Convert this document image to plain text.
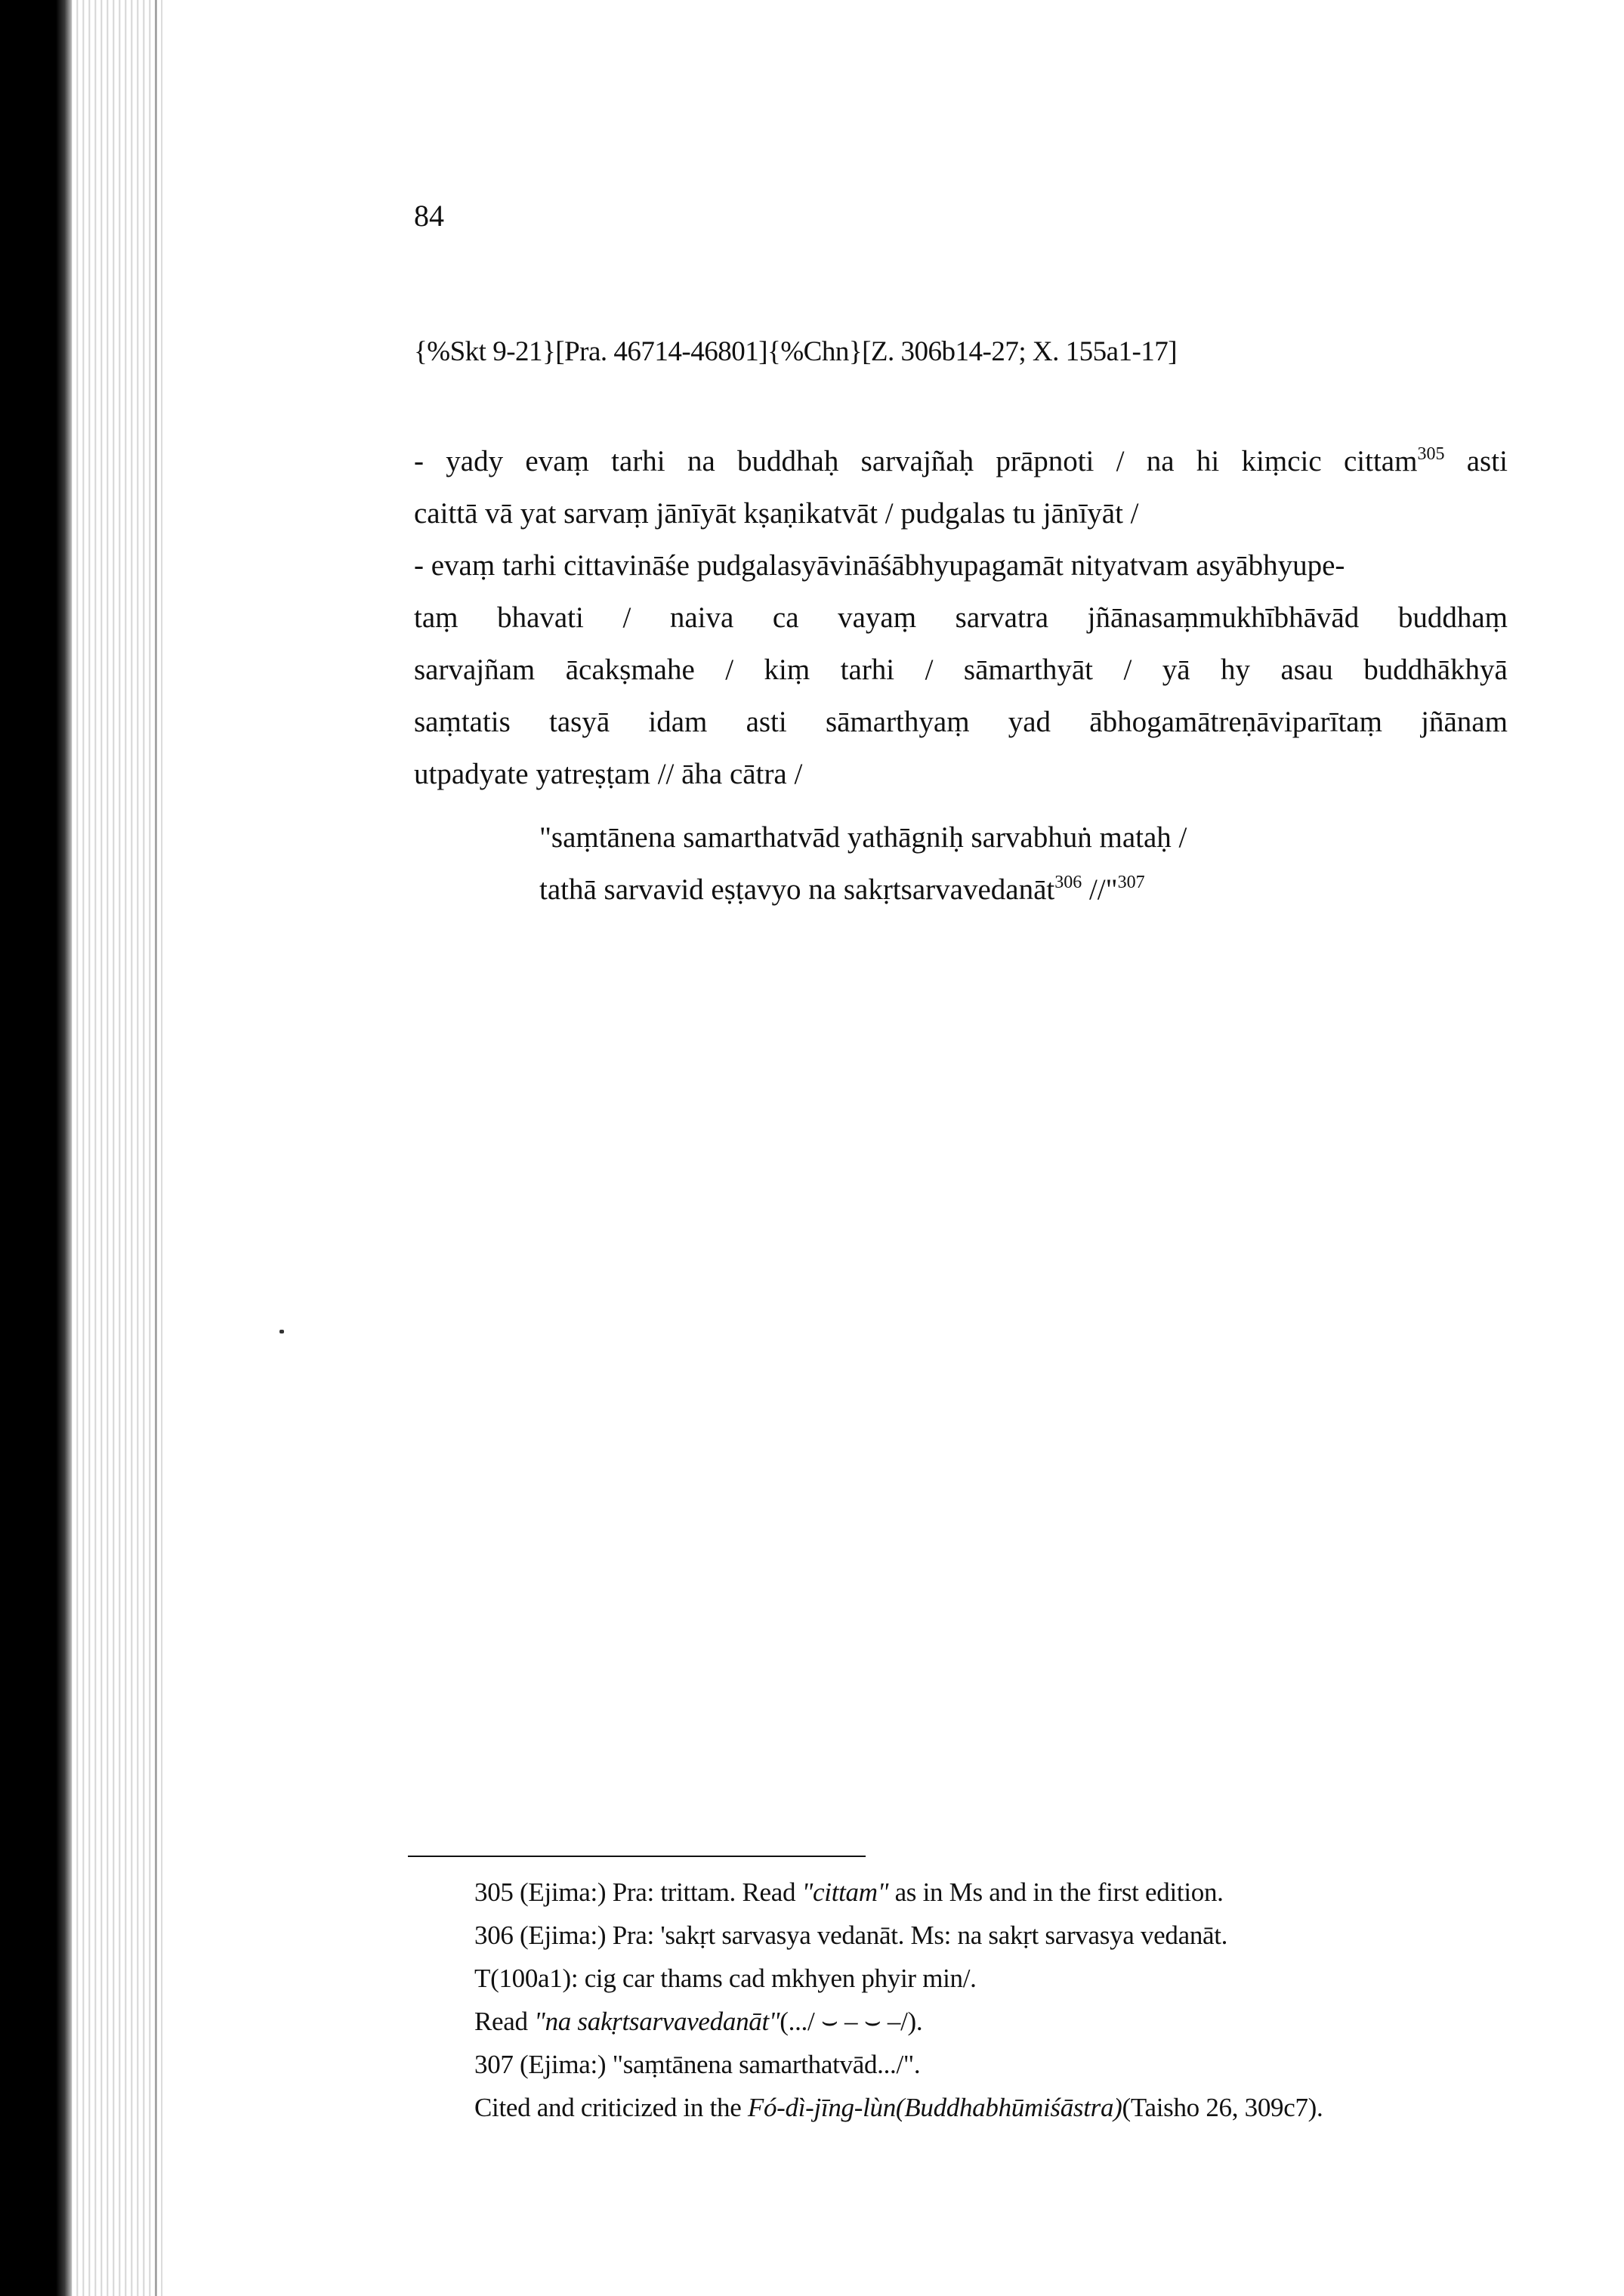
84
{%Skt 9-21}[Pra. 46714-46801]{%Chn}[Z. 306b14-27; X. 155a1-17]
- yady evaṃ tarhi na buddhaḥ sarvajñaḥ prāpnoti / na hi kiṃcic cittam$^{305}$ asti
caittā vā yat sarvaṃ jānīyāt kṣaṇikatvāt / pudgalas tu jānīyāt /
- evaṃ tarhi cittavināśe pudgalasyāvināśābhyupagamāt nityatvam asyābhyupe-
taṃ bhavati / naiva ca vayaṃ sarvatra jñānasaṃmukhībhāvād buddhaṃ
sarvajñam ācakṣmahe / kiṃ tarhi / sāmarthyāt / yā hy asau buddhākhyā
saṃtatis tasyā idam asti sāmarthyaṃ yad ābhogamātreṇāviparītaṃ jñānam
utpadyate yatreṣṭam // āha cātra /
"saṃtānena samarthatvād yathāgniḥ sarvabhuṅ mataḥ /
tathā sarvavid eṣṭavyo na sakṛtsarvavedanāt$^{306}$ //"$^{307}$
305 (Ejima:) Pra: trittam. Read "cittam" as in Ms and in the first edition.
306 (Ejima:) Pra: 'sakṛt sarvasya vedanāt. Ms: na sakṛt sarvasya vedanāt.
T(100a1): cig car thams cad mkhyen phyir min/.
Read "na sakṛtsarvavedanāt"(.../ ⌣ – ⌣ –/).
307 (Ejima:) "saṃtānena samarthatvād.../".
Cited and criticized in the Fó-dì-jīng-lùn(Buddhabhūmiśāstra)(Taisho 26, 309c7).
